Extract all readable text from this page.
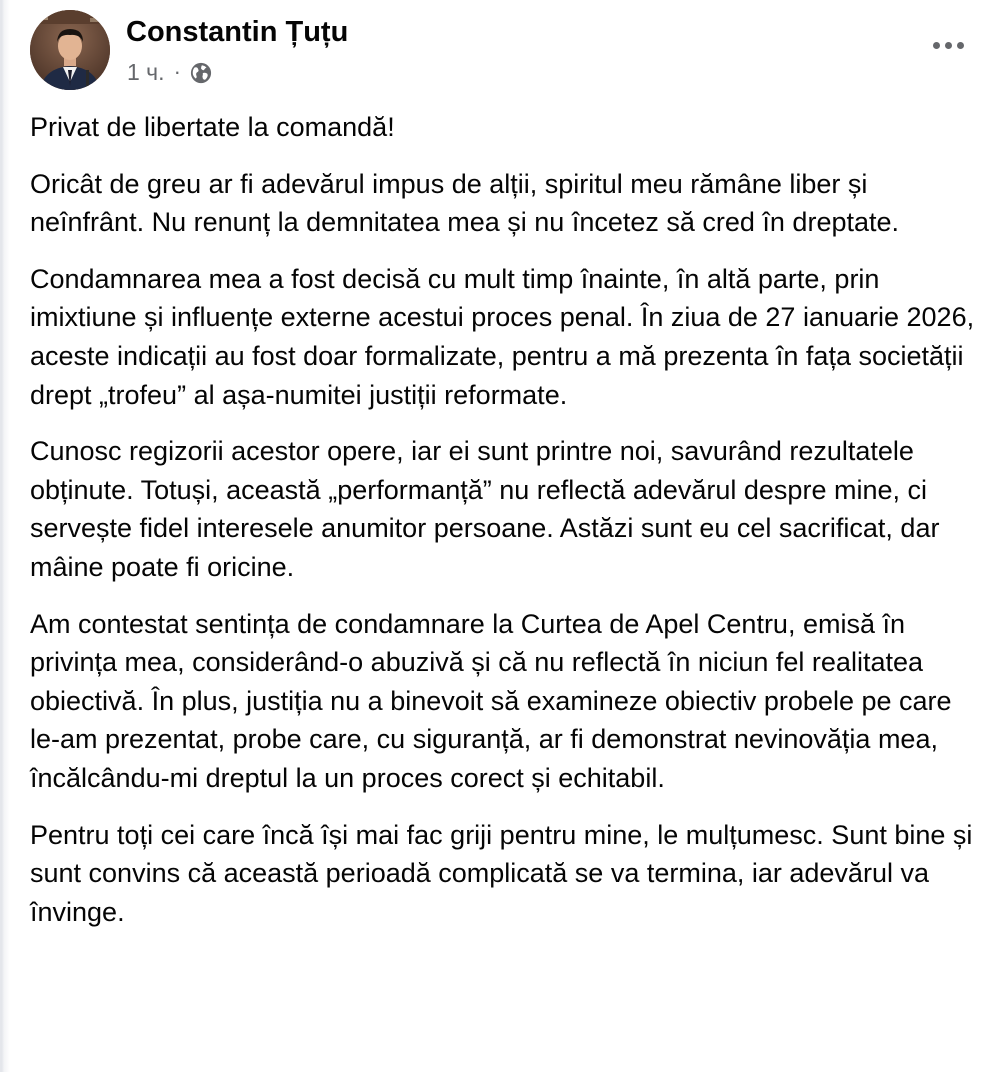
Constantin Țuțu
1 ч. ·

Privat de libertate la comandă!

Oricât de greu ar fi adevărul impus de alții, spiritul meu rămâne liber și neînfrânt. Nu renunț la demnitatea mea și nu încetez să cred în dreptate.

Condamnarea mea a fost decisă cu mult timp înainte, în altă parte, prin imixtiune și influențe externe acestui proces penal. În ziua de 27 ianuarie 2026, aceste indicații au fost doar formalizate, pentru a mă prezenta în fața societății drept „trofeu” al așa-numitei justiții reformate.

Cunosc regizorii acestor opere, iar ei sunt printre noi, savurând rezultatele obținute. Totuși, această „performanță” nu reflectă adevărul despre mine, ci servește fidel interesele anumitor persoane. Astăzi sunt eu cel sacrificat, dar mâine poate fi oricine.

Am contestat sentința de condamnare la Curtea de Apel Centru, emisă în privința mea, considerând-o abuzivă și că nu reflectă în niciun fel realitatea obiectivă. În plus, justiția nu a binevoit să examineze obiectiv probele pe care le-am prezentat, probe care, cu siguranță, ar fi demonstrat nevinovăția mea, încălcându-mi dreptul la un proces corect și echitabil.

Pentru toți cei care încă își mai fac griji pentru mine, le mulțumesc. Sunt bine și sunt convins că această perioadă complicată se va termina, iar adevărul va învinge.
